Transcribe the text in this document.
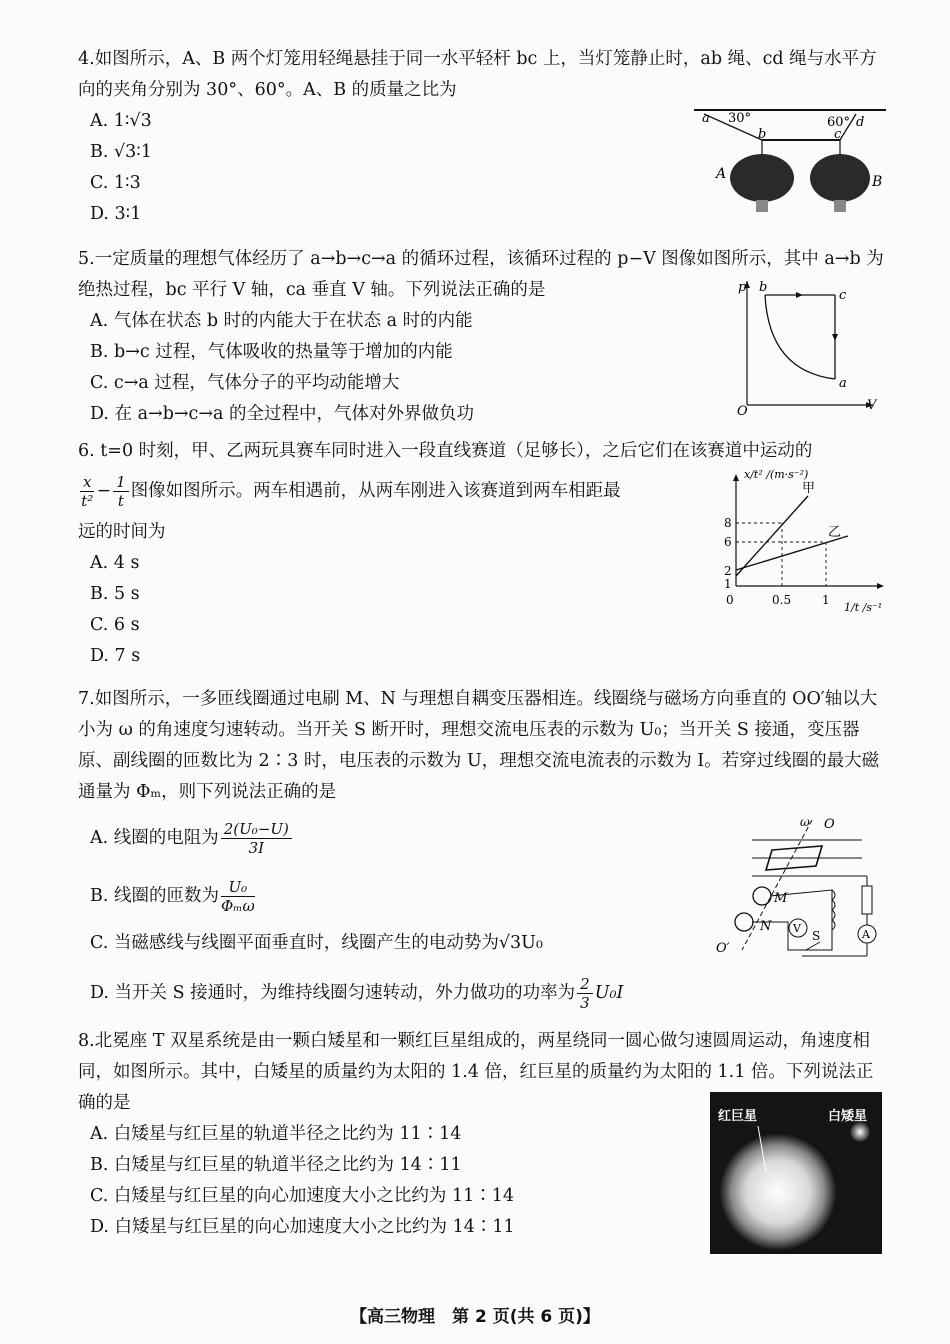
4.如图所示，A、B 两个灯笼用轻绳悬挂于同一水平轻杆 bc 上，当灯笼静止时，ab 绳、cd 绳与水平方向的夹角分别为 30°、60°。A、B 的质量之比为
A. 1∶√3
B. √3∶1
C. 1∶3
D. 3∶1
a 30°
b	c
60° d
A	B
5.一定质量的理想气体经历了 a→b→c→a 的循环过程，该循环过程的 p−V 图像如图所示，其中 a→b 为绝热过程，bc 平行 V 轴，ca 垂直 V 轴。下列说法正确的是
A. 气体在状态 b 时的内能大于在状态 a 时的内能
B. b→c 过程，气体吸收的热量等于增加的内能
C. c→a 过程，气体分子的平均动能增大
D. 在 a→b→c→a 的全过程中，气体对外界做负功
p
V
O
a
b
c
6. t=0 时刻，甲、乙两玩具赛车同时进入一段直线赛道（足够长），之后它们在该赛道中运动的
$\frac{x}{\text{t²}} - \frac{1}{t}$ 图像如图所示。两车相遇前，从两车刚进入该赛道到两车相距最
远的时间为
A. 4 s
B. 5 s
C. 6 s
D. 7 s
x/t² /(m·s⁻²)
1/t /s⁻¹
8
6
2
1
0	0.5	1
甲
乙
7.如图所示，一多匝线圈通过电刷 M、N 与理想自耦变压器相连。线圈绕与磁场方向垂直的 OO′轴以大小为 ω 的角速度匀速转动。当开关 S 断开时，理想交流电压表的示数为 U₀；当开关 S 接通，变压器原、副线圈的匝数比为 2∶3 时，电压表的示数为 U，理想交流电流表的示数为 I。若穿过线圈的最大磁通量为 Φₘ，则下列说法正确的是
A. 线圈的电阻为 $\frac{\text{2(U₀−U)}}{3I}$
B. 线圈的匝数为 $\frac{\text{U₀}}{\text{Φₘω}}$
C. 当磁感线与线圈平面垂直时，线圈产生的电动势为√3U₀
D. 当开关 S 接通时，为维持线圈匀速转动，外力做功的功率为 $\frac{2}{3} U_0I$
ω O
O′
M
N V	A
S
8.北冕座 T 双星系统是由一颗白矮星和一颗红巨星组成的，两星绕同一圆心做匀速圆周运动，角速度相同，如图所示。其中，白矮星的质量约为太阳的 1.4 倍，红巨星的质量约为太阳的 1.1 倍。下列说法正确的是
A. 白矮星与红巨星的轨道半径之比约为 11∶14
B. 白矮星与红巨星的轨道半径之比约为 14∶11
C. 白矮星与红巨星的向心加速度大小之比约为 11∶14
D. 白矮星与红巨星的向心加速度大小之比约为 14∶11
红巨星	白矮星
【高三物理　第 2 页(共 6 页)】
